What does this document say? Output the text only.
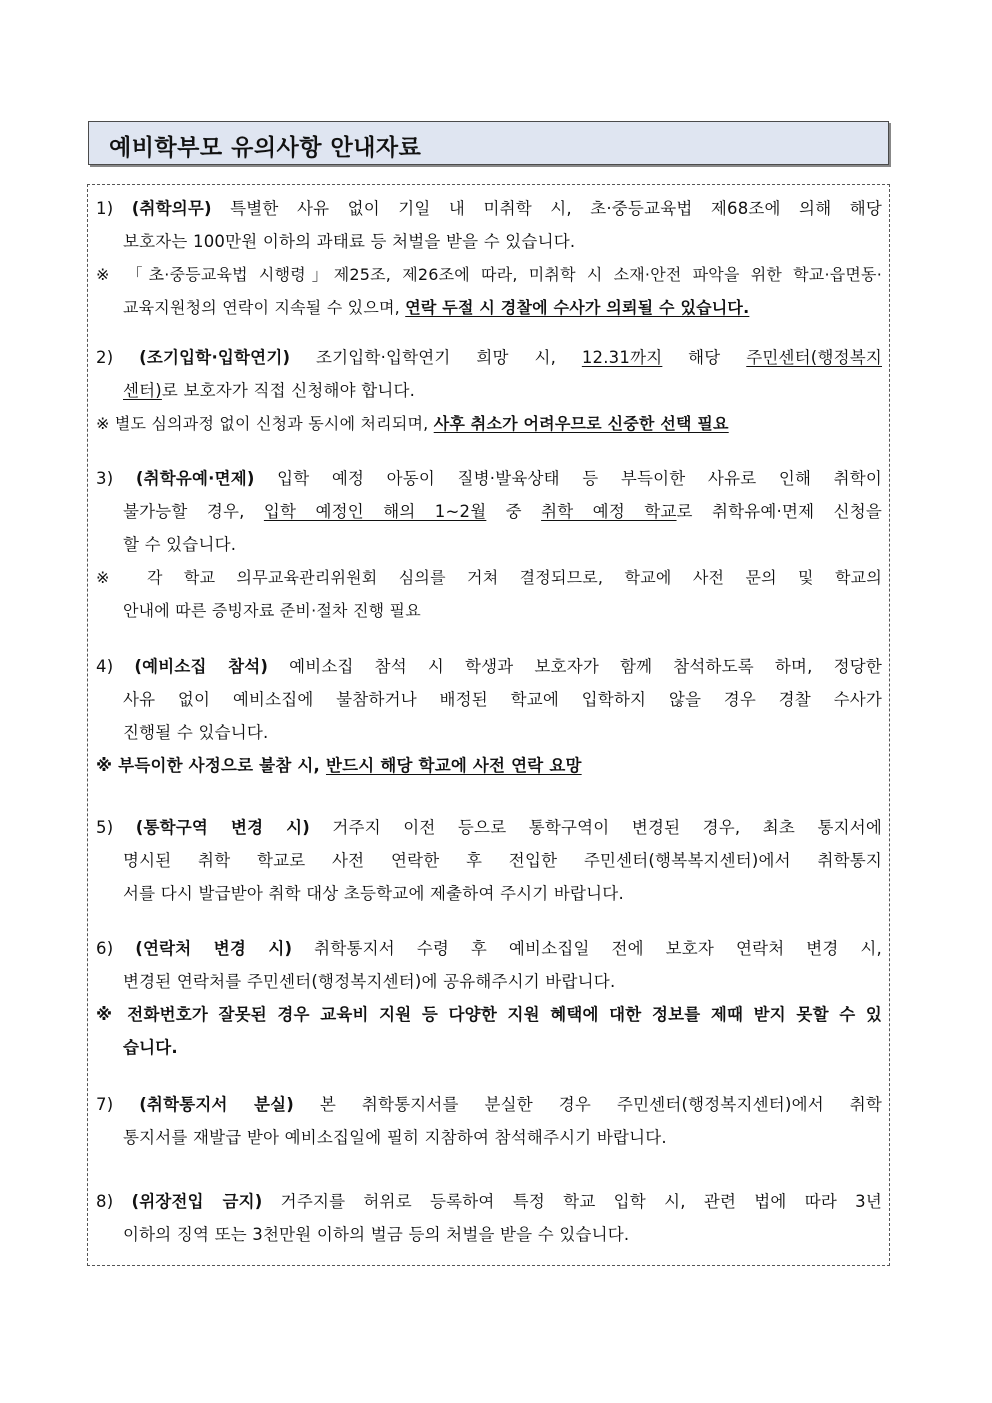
예비학부모 유의사항 안내자료
1) (취학의무) 특별한 사유 없이 기일 내 미취학 시, 초·중등교육법 제68조에 의해 해당
보호자는 100만원 이하의 과태료 등 처벌을 받을 수 있습니다.
※ 「초·중등교육법 시행령」제25조, 제26조에 따라, 미취학 시 소재·안전 파악을 위한 학교·읍면동·
교육지원청의 연락이 지속될 수 있으며, 연락 두절 시 경찰에 수사가 의뢰될 수 있습니다.
2) (조기입학·입학연기) 조기입학·입학연기 희망 시, 12.31까지 해당 주민센터(행정복지
센터)로 보호자가 직접 신청해야 합니다.
※ 별도 심의과정 없이 신청과 동시에 처리되며, 사후 취소가 어려우므로 신중한 선택 필요
3) (취학유예·면제) 입학 예정 아동이 질병·발육상태 등 부득이한 사유로 인해 취학이
불가능할 경우, 입학 예정인 해의 1~2월 중 취학 예정 학교로 취학유예·면제 신청을
할 수 있습니다.
※ 각 학교 의무교육관리위원회 심의를 거쳐 결정되므로, 학교에 사전 문의 및 학교의
안내에 따른 증빙자료 준비·절차 진행 필요
4) (예비소집 참석) 예비소집 참석 시 학생과 보호자가 함께 참석하도록 하며, 정당한
사유 없이 예비소집에 불참하거나 배정된 학교에 입학하지 않을 경우 경찰 수사가
진행될 수 있습니다.
※ 부득이한 사정으로 불참 시, 반드시 해당 학교에 사전 연락 요망
5) (통학구역 변경 시) 거주지 이전 등으로 통학구역이 변경된 경우, 최초 통지서에
명시된 취학 학교로 사전 연락한 후 전입한 주민센터(행복복지센터)에서 취학통지
서를 다시 발급받아 취학 대상 초등학교에 제출하여 주시기 바랍니다.
6) (연락처 변경 시) 취학통지서 수령 후 예비소집일 전에 보호자 연락처 변경 시,
변경된 연락처를 주민센터(행정복지센터)에 공유해주시기 바랍니다.
※ 전화번호가 잘못된 경우 교육비 지원 등 다양한 지원 혜택에 대한 정보를 제때 받지 못할 수 있
습니다.
7) (취학통지서 분실) 본 취학통지서를 분실한 경우 주민센터(행정복지센터)에서 취학
통지서를 재발급 받아 예비소집일에 필히 지참하여 참석해주시기 바랍니다.
8) (위장전입 금지) 거주지를 허위로 등록하여 특정 학교 입학 시, 관련 법에 따라 3년
이하의 징역 또는 3천만원 이하의 벌금 등의 처벌을 받을 수 있습니다.
